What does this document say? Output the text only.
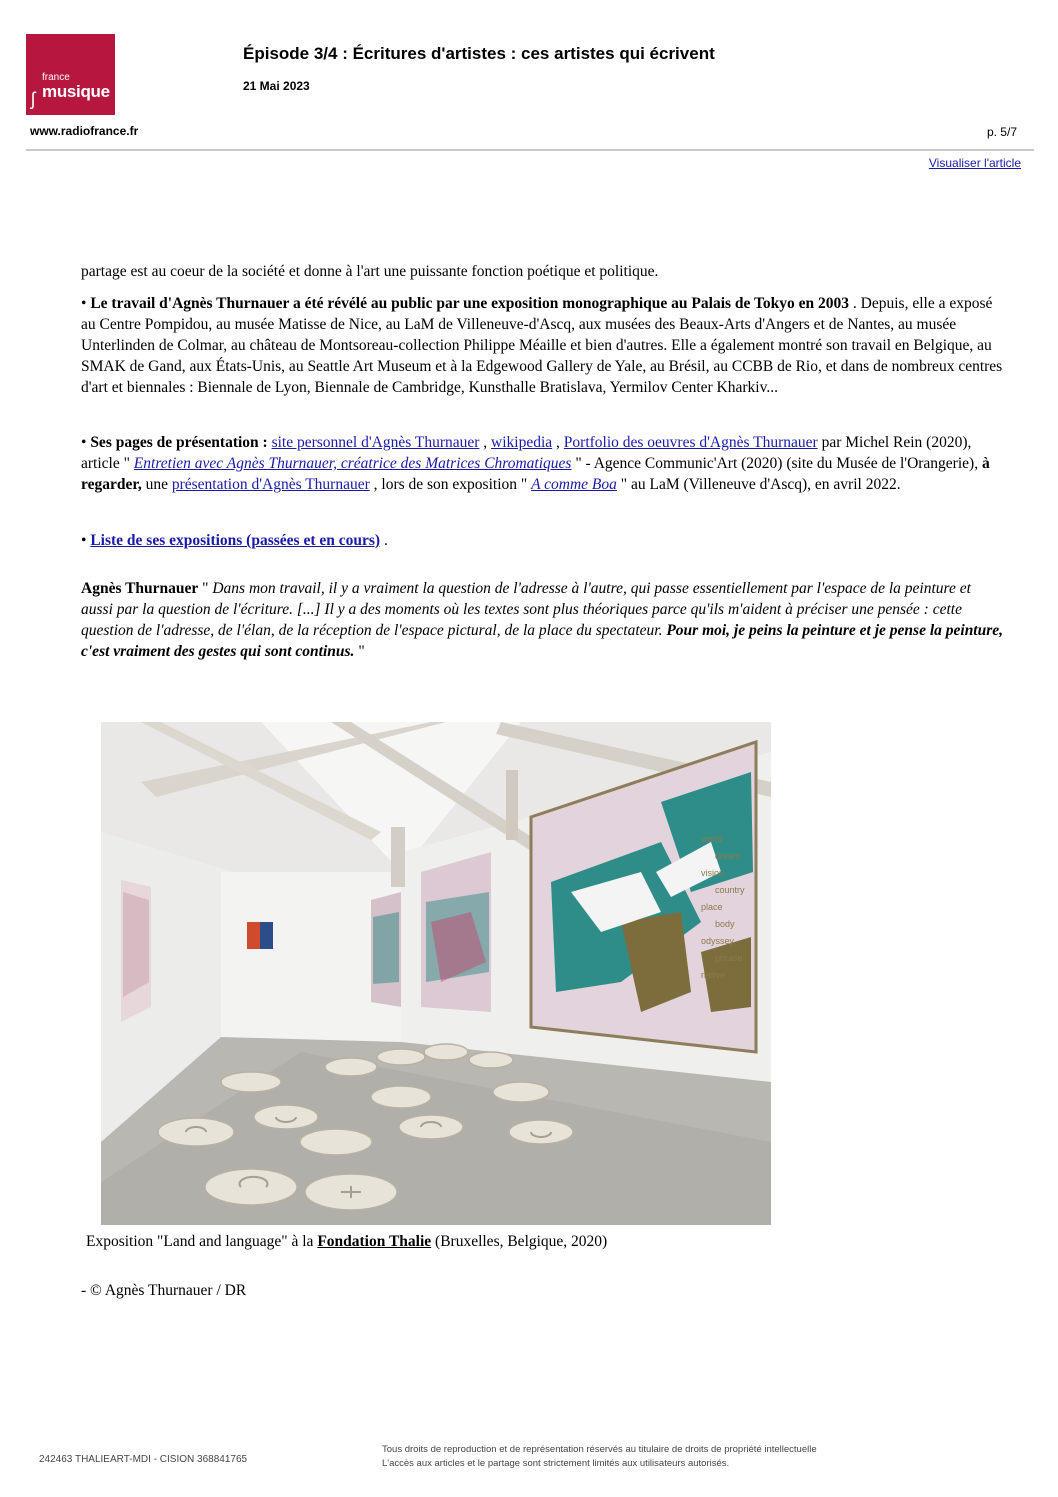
france
musique
ʃ
Épisode 3/4 : Écritures d'artistes : ces artistes qui écrivent
21 Mai 2023
www.radiofrance.fr	p. 5/7
Visualiser l'article
partage est au coeur de la société et donne à l'art une puissante fonction poétique et politique.
• Le travail d'Agnès Thurnauer a été révélé au public par une exposition monographique au Palais de Tokyo en 2003 . Depuis, elle a exposé au Centre Pompidou, au musée Matisse de Nice, au LaM de Villeneuve-d'Ascq, aux musées des Beaux-Arts d'Angers et de Nantes, au musée Unterlinden de Colmar, au château de Montsoreau-collection Philippe Méaille et bien d'autres. Elle a également montré son travail en Belgique, au SMAK de Gand, aux États-Unis, au Seattle Art Museum et à la Edgewood Gallery de Yale, au Brésil, au CCBB de Rio, et dans de nombreux centres d'art et biennales : Biennale de Lyon, Biennale de Cambridge, Kunsthalle Bratislava, Yermilov Center Kharkiv...
• Ses pages de présentation : site personnel d'Agnès Thurnauer , wikipedia , Portfolio des oeuvres d'Agnès Thurnauer par Michel Rein (2020), article " Entretien avec Agnès Thurnauer, créatrice des Matrices Chromatiques " - Agence Communic'Art (2020) (site du Musée de l'Orangerie), à regarder, une présentation d'Agnès Thurnauer , lors de son exposition " A comme Boa " au LaM (Villeneuve d'Ascq), en avril 2022.
• Liste de ses expositions (passées et en cours) .
Agnès Thurnauer " Dans mon travail, il y a vraiment la question de l'adresse à l'autre, qui passe essentiellement par l'espace de la peinture et aussi par la question de l'écriture. [...] Il y a des moments où les textes sont plus théoriques parce qu'ils m'aident à préciser une pensée : cette question de l'adresse, de l'élan, de la réception de l'espace pictural, de la place du spectateur. Pour moi, je peins la peinture et je pense la peinture, c'est vraiment des gestes qui sont continus. "
world
dream
vision
country
place
body
odyssey
phrase
native
Exposition "Land and language" à la Fondation Thalie (Bruxelles, Belgique, 2020)
- © Agnès Thurnauer / DR
242463 THALIEART-MDI - CISION 368841765
Tous droits de reproduction et de représentation réservés au titulaire de droits de propriété intellectuelle
L'accès aux articles et le partage sont strictement limités aux utilisateurs autorisés.
